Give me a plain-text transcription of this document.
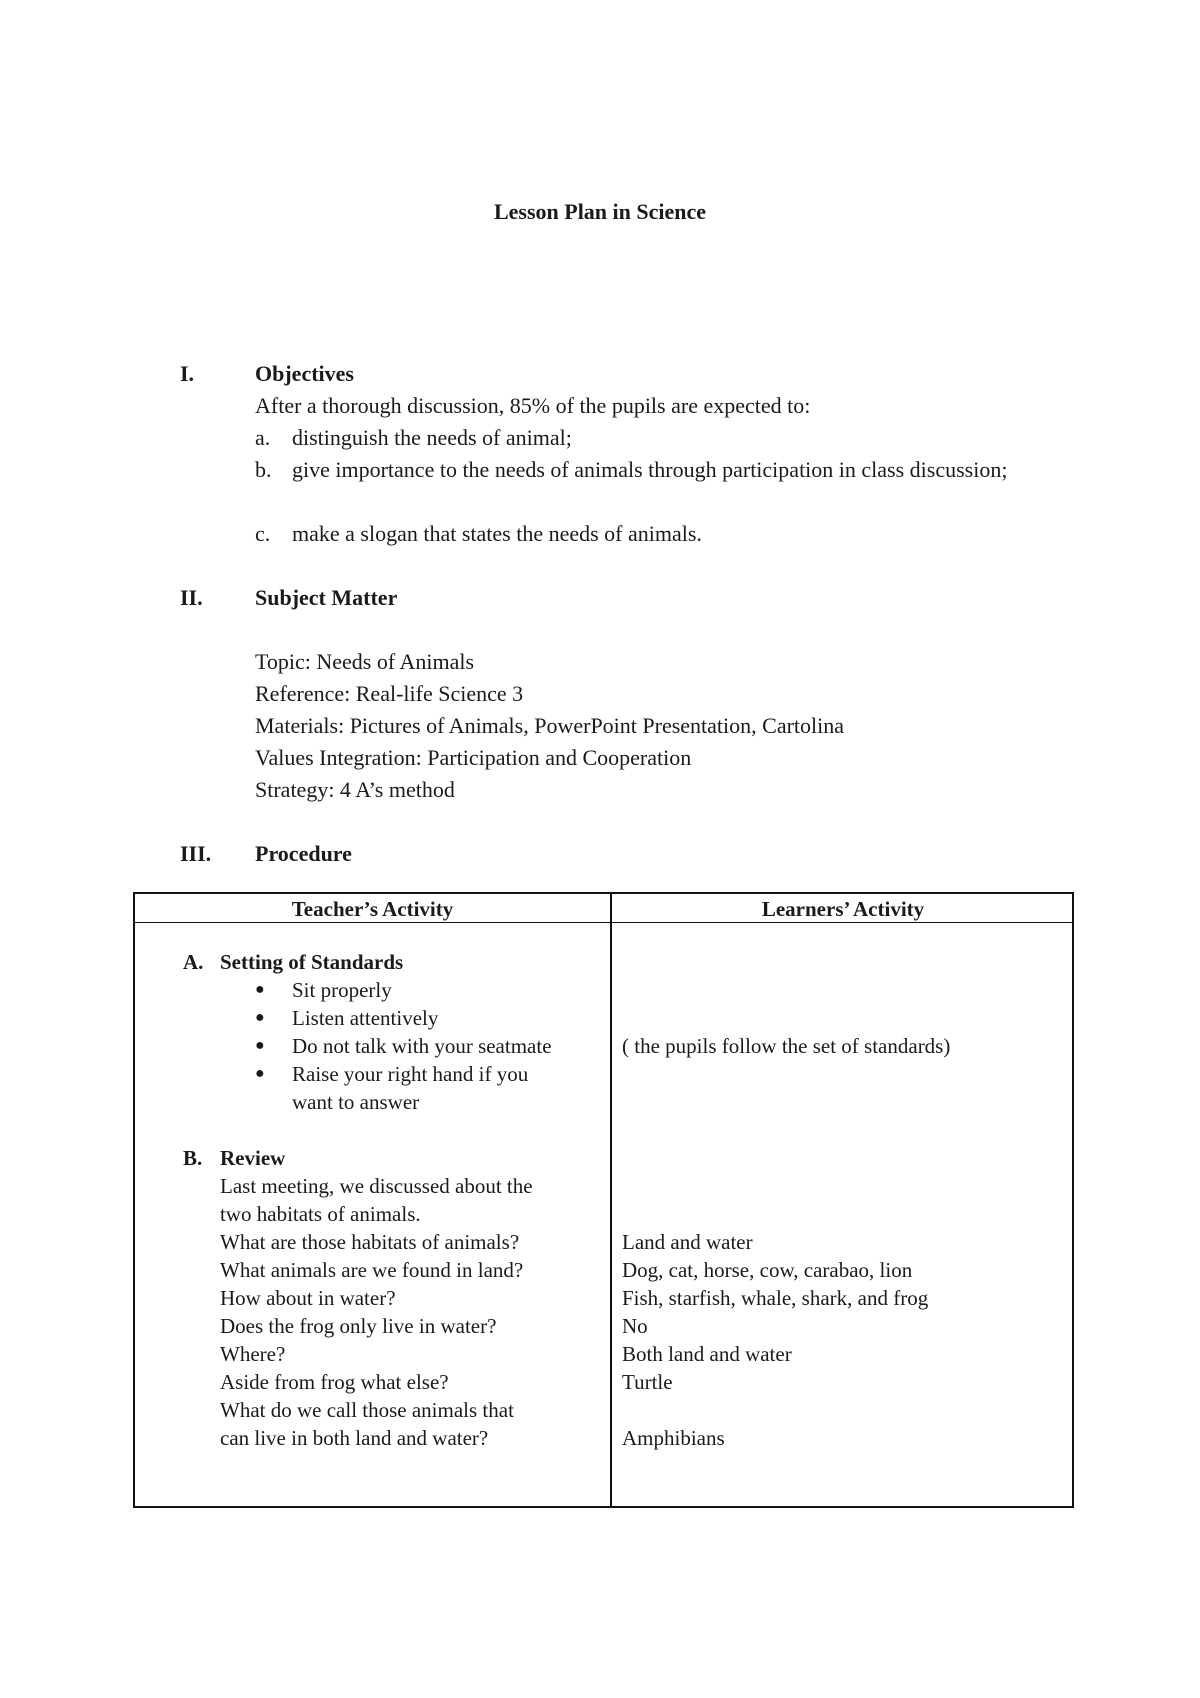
Lesson Plan in Science
I.	Objectives
After a thorough discussion, 85% of the pupils are expected to:
a. distinguish the needs of animal;
b. give importance to the needs of animals through participation in class discussion;
c. make a slogan that states the needs of animals.
II. Subject Matter
Topic: Needs of Animals
Reference: Real-life Science 3
Materials: Pictures of Animals, PowerPoint Presentation, Cartolina
Values Integration: Participation and Cooperation
Strategy: 4 A’s method
III. Procedure
Teacher’s Activity	Learners’ Activity
A. Setting of Standards
● Sit properly
● Listen attentively
● Do not talk with your seatmate
● Raise your right hand if you
want to answer
( the pupils follow the set of standards)
B. Review
Last meeting, we discussed about the
two habitats of animals.
What are those habitats of animals?
What animals are we found in land?
How about in water?
Does the frog only live in water?
Where?
Aside from frog what else?
What do we call those animals that
can live in both land and water?
Land and water
Dog, cat, horse, cow, carabao, lion
Fish, starfish, whale, shark, and frog
No
Both land and water
Turtle
Amphibians
